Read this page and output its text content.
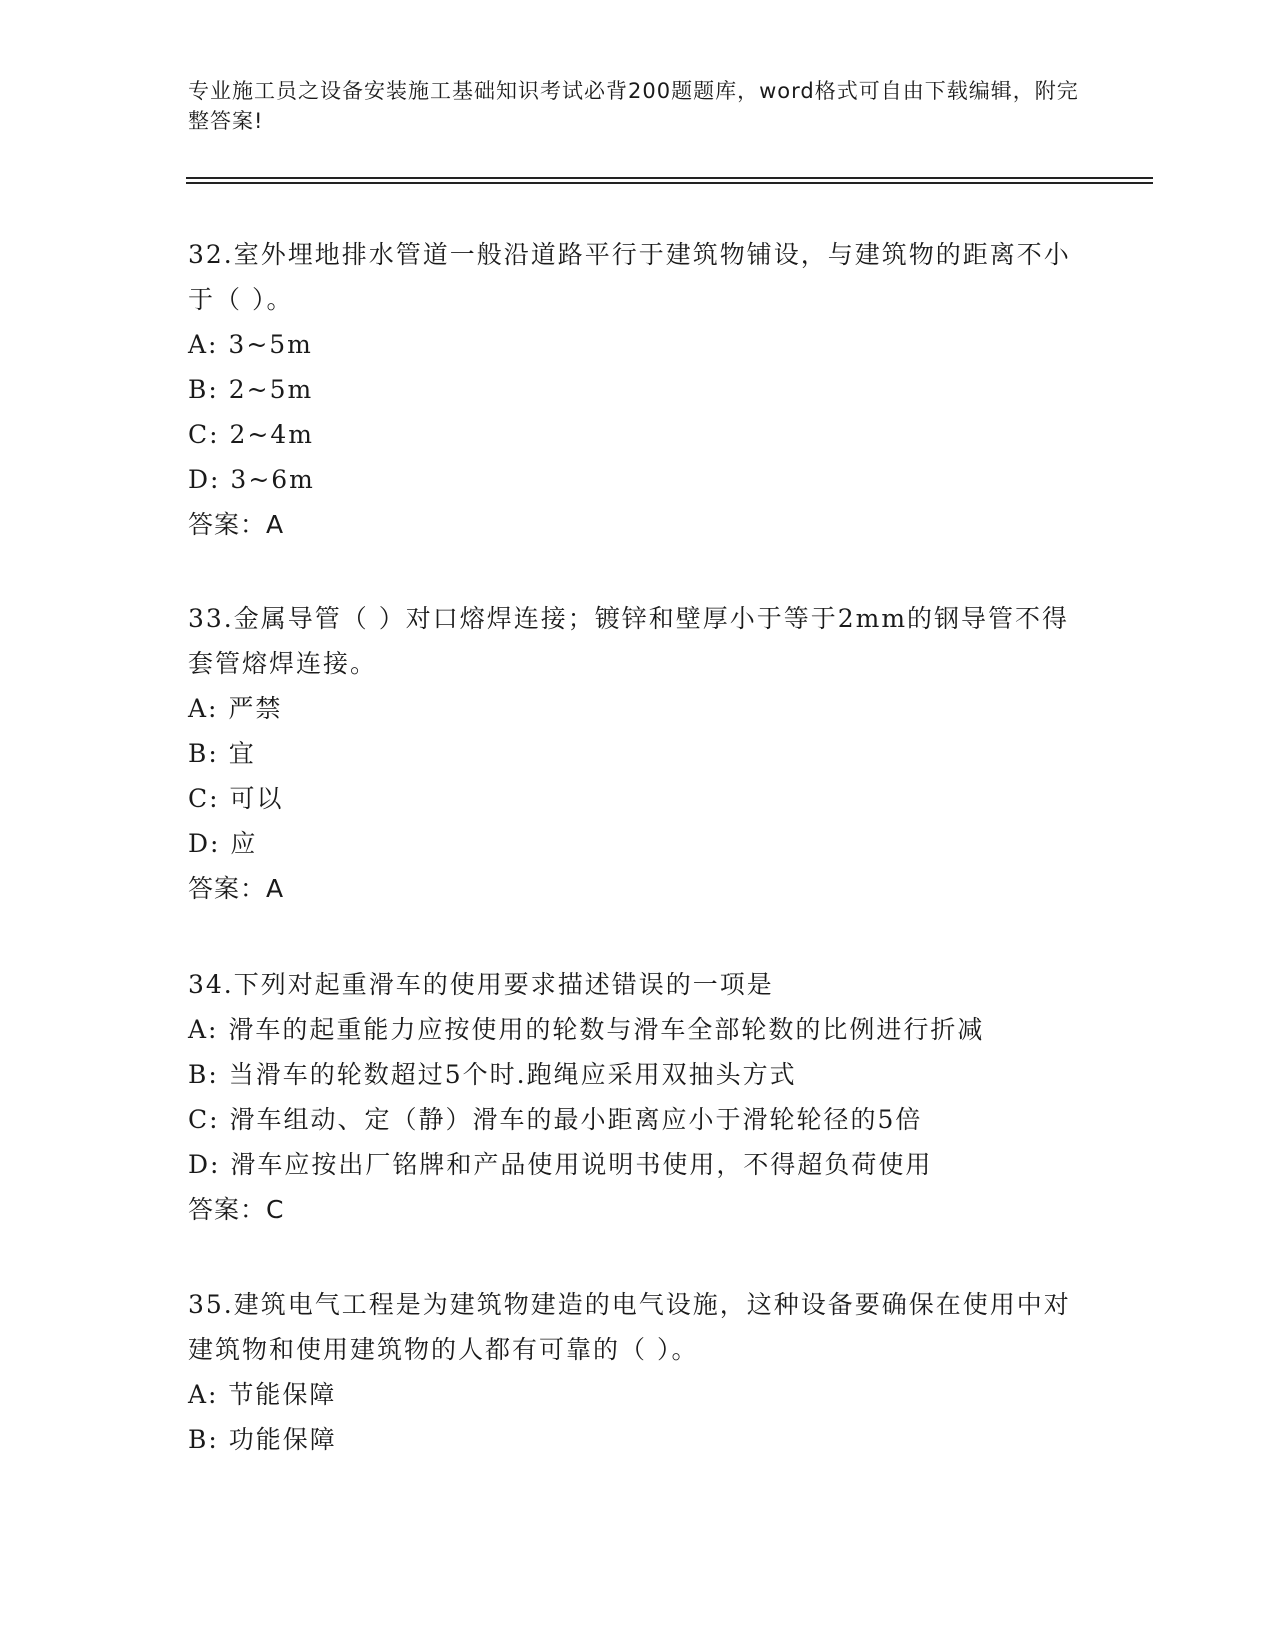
专业施工员之设备安装施工基础知识考试必背200题题库，word格式可自由下载编辑，附完整答案!

32.室外埋地排水管道一般沿道路平行于建筑物铺设，与建筑物的距离不小于（ ）。

A: 3~5m

B: 2~5m

C: 2~4m

D: 3~6m

答案：A

33.金属导管（ ）对口熔焊连接；镀锌和壁厚小于等于2mm的钢导管不得套管熔焊连接。

A: 严禁

B: 宜

C: 可以

D: 应

答案：A

34.下列对起重滑车的使用要求描述错误的一项是

A: 滑车的起重能力应按使用的轮数与滑车全部轮数的比例进行折减

B: 当滑车的轮数超过5个时.跑绳应采用双抽头方式

C: 滑车组动、定（静）滑车的最小距离应小于滑轮轮径的5倍

D: 滑车应按出厂铭牌和产品使用说明书使用，不得超负荷使用

答案：C

35.建筑电气工程是为建筑物建造的电气设施，这种设备要确保在使用中对建筑物和使用建筑物的人都有可靠的（ ）。

A: 节能保障

B: 功能保障
